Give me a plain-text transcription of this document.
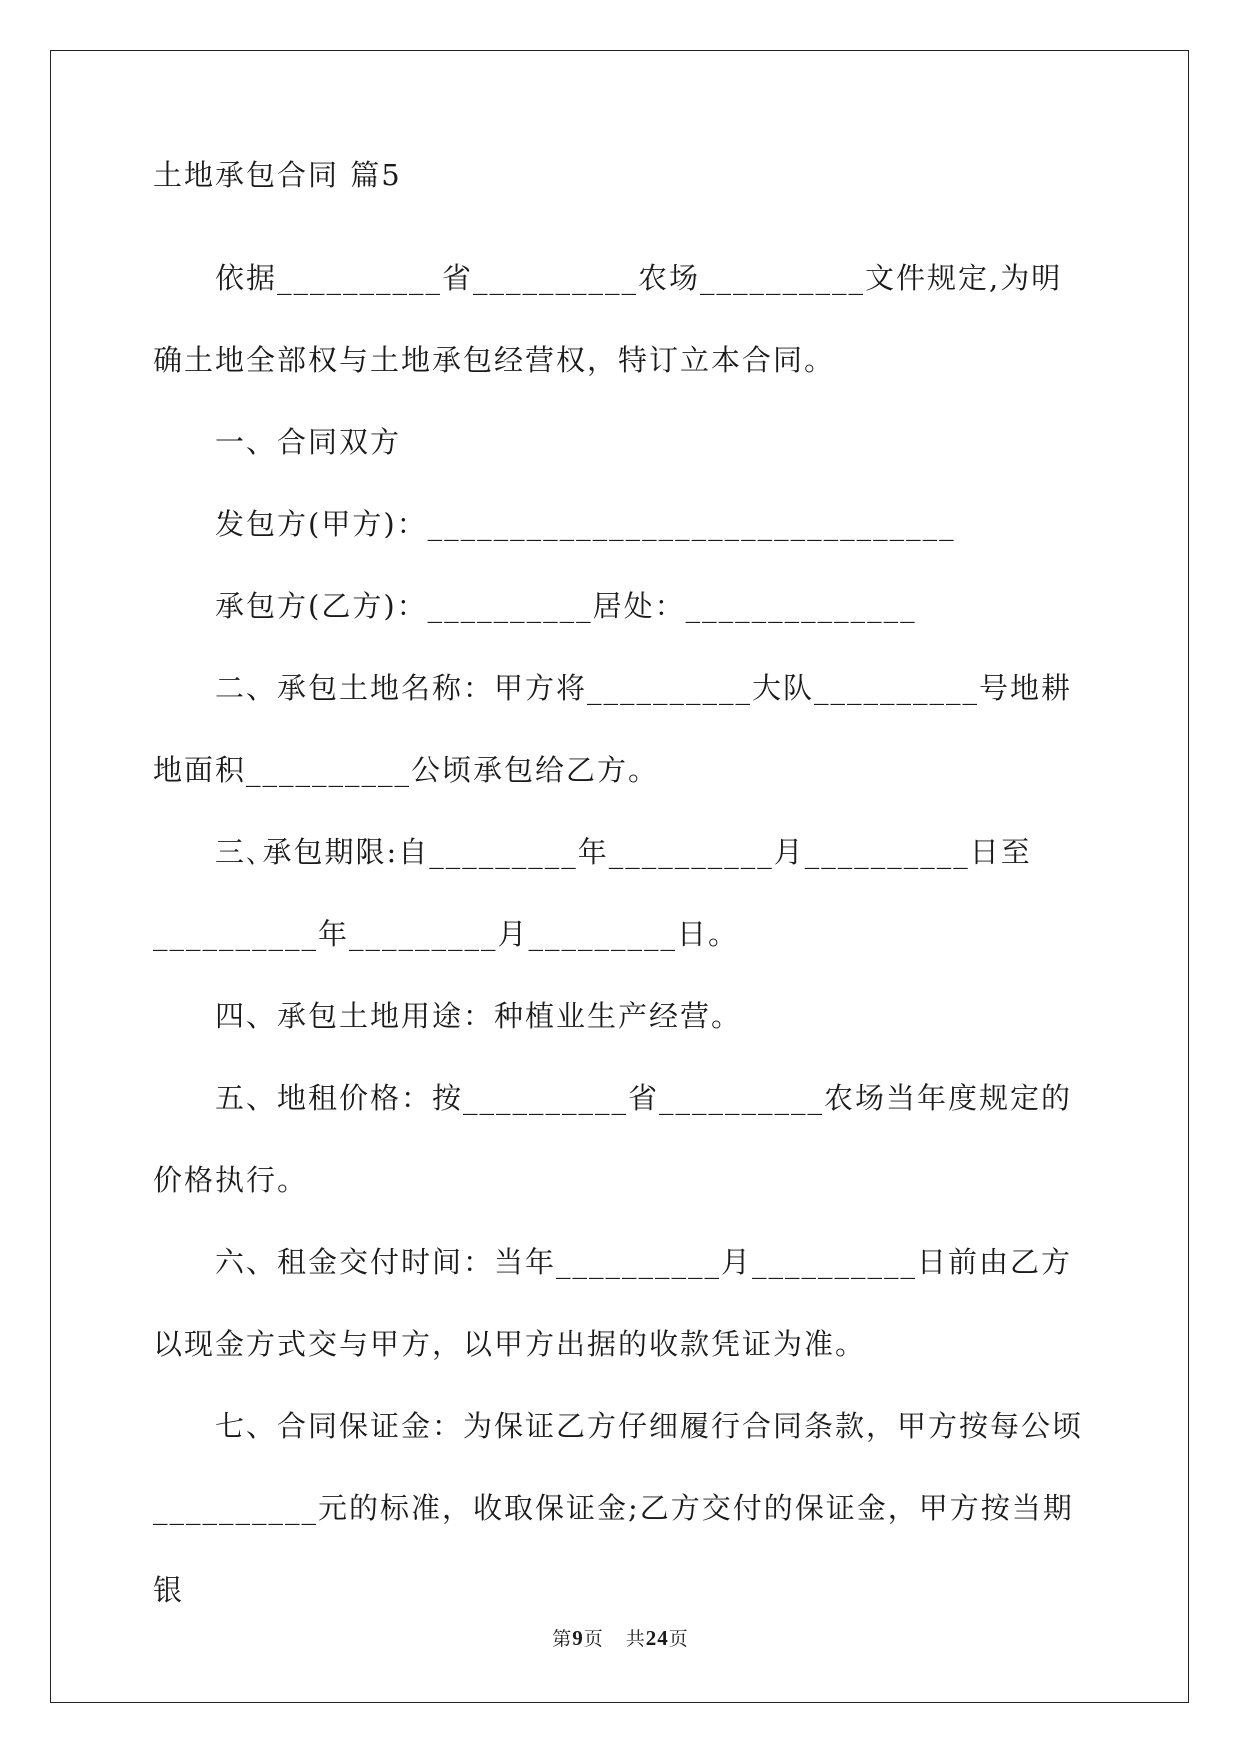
土地承包合同 篇5

依据__________省__________农场__________文件规定,为明确土地全部权与土地承包经营权，特订立本合同。

一、合同双方

发包方(甲方)：________________________________

承包方(乙方)：__________居处：______________

二、承包土地名称：甲方将__________大队__________号地耕地面积__________公顷承包给乙方。

三､承包期限:自_________年__________月__________日至__________年_________月_________日。

四、承包土地用途：种植业生产经营。

五、地租价格：按__________省__________农场当年度规定的价格执行。

六、租金交付时间：当年__________月__________日前由乙方以现金方式交与甲方，以甲方出据的收款凭证为准。

七、合同保证金：为保证乙方仔细履行合同条款，甲方按每公顷__________元的标准，收取保证金;乙方交付的保证金，甲方按当期银

第9页 共24页
